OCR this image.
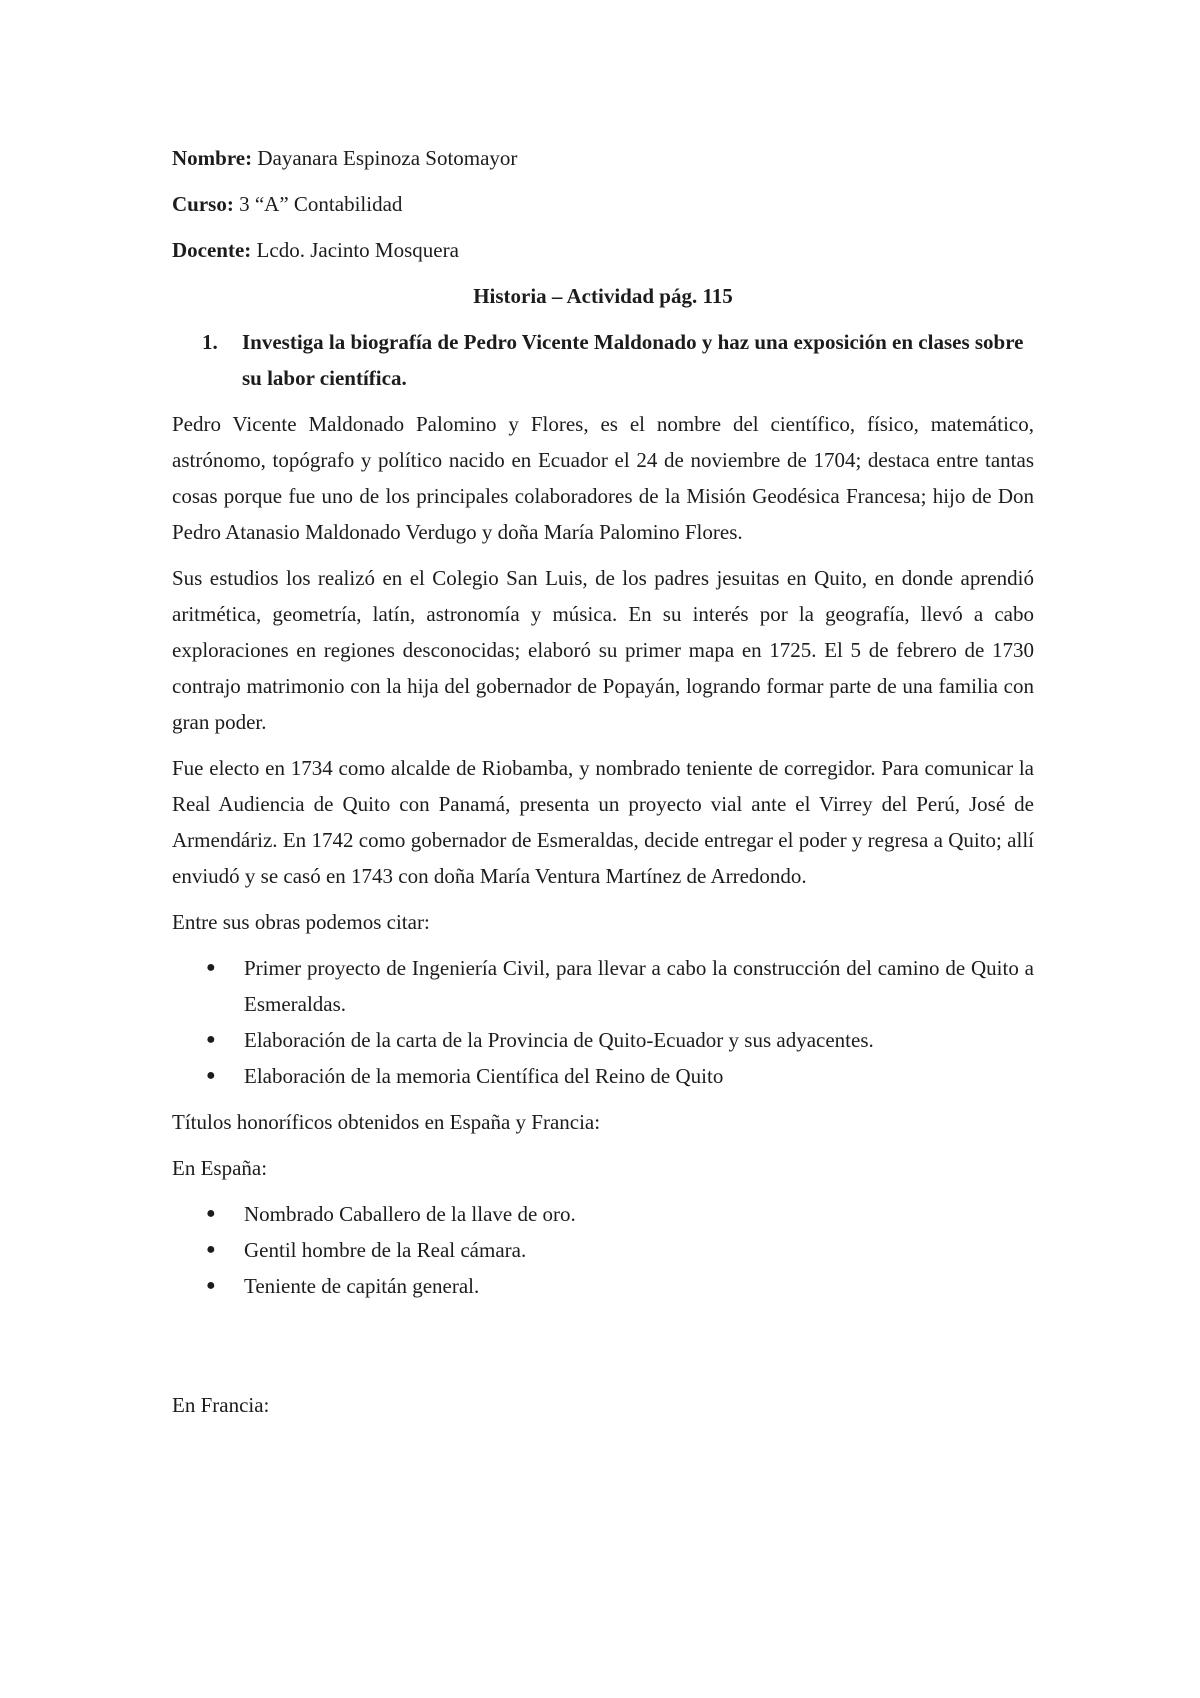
Nombre: Dayanara Espinoza Sotomayor
Curso: 3 “A” Contabilidad
Docente: Lcdo. Jacinto Mosquera
Historia – Actividad pág. 115
1.	Investiga la biografía de Pedro Vicente Maldonado y haz una exposición en clases sobre su labor científica.

Pedro Vicente Maldonado Palomino y Flores, es el nombre del científico, físico, matemático, astrónomo, topógrafo y político nacido en Ecuador el 24 de noviembre de 1704; destaca entre tantas cosas porque fue uno de los principales colaboradores de la Misión Geodésica Francesa; hijo de Don Pedro Atanasio Maldonado Verdugo y doña María Palomino Flores.

Sus estudios los realizó en el Colegio San Luis, de los padres jesuitas en Quito, en donde aprendió aritmética, geometría, latín, astronomía y música. En su interés por la geografía, llevó a cabo exploraciones en regiones desconocidas; elaboró su primer mapa en 1725. El 5 de febrero de 1730 contrajo matrimonio con la hija del gobernador de Popayán, logrando formar parte de una familia con gran poder.

Fue electo en 1734 como alcalde de Riobamba, y nombrado teniente de corregidor. Para comunicar la Real Audiencia de Quito con Panamá, presenta un proyecto vial ante el Virrey del Perú, José de Armendáriz. En 1742 como gobernador de Esmeraldas, decide entregar el poder y regresa a Quito; allí enviudó y se casó en 1743 con doña María Ventura Martínez de Arredondo.

Entre sus obras podemos citar:

●	Primer proyecto de Ingeniería Civil, para llevar a cabo la construcción del camino de Quito a Esmeraldas.
●	Elaboración de la carta de la Provincia de Quito-Ecuador y sus adyacentes.
●	Elaboración de la memoria Científica del Reino de Quito

Títulos honoríficos obtenidos en España y Francia:

En España:

●	Nombrado Caballero de la llave de oro.
●	Gentil hombre de la Real cámara.
●	Teniente de capitán general.

En Francia:
